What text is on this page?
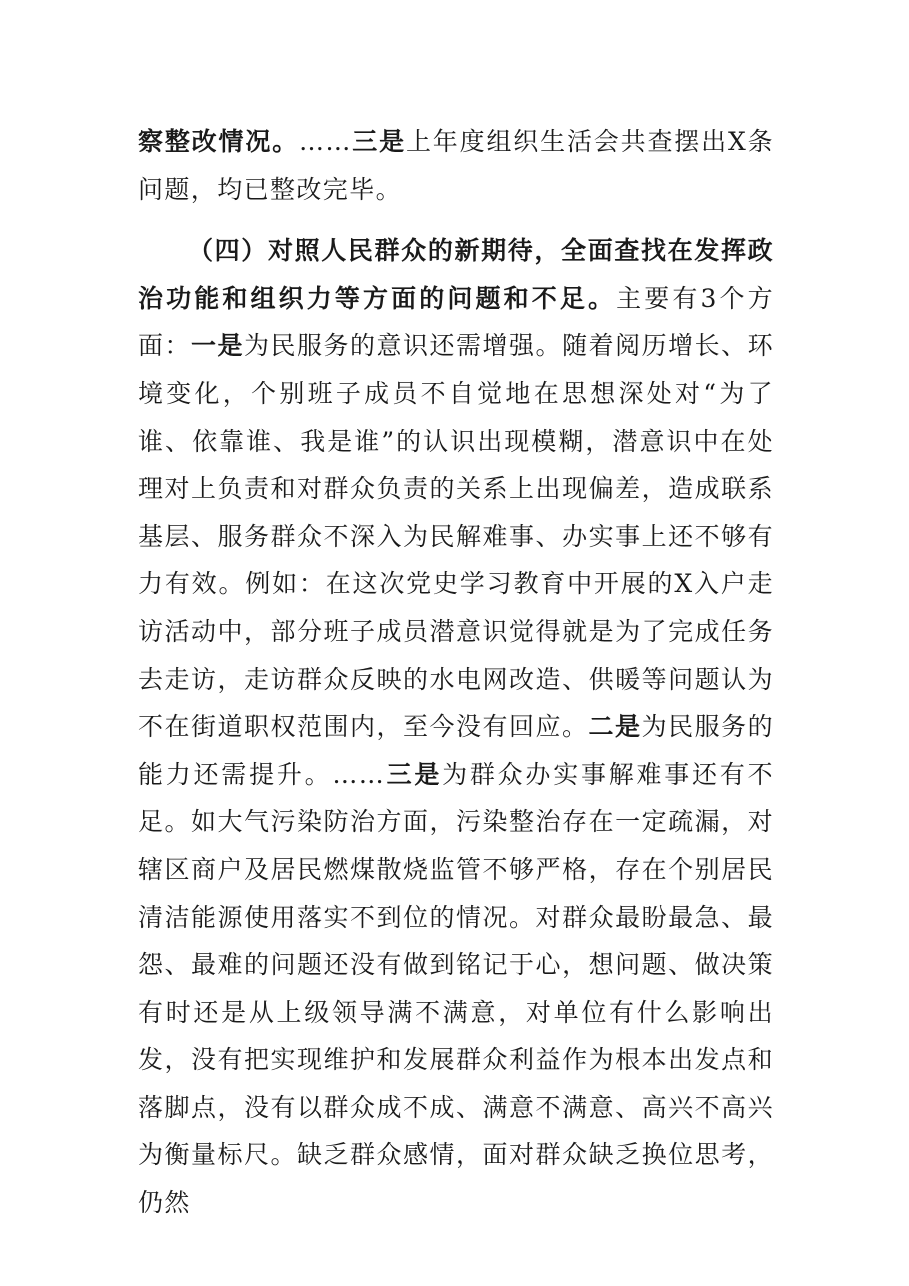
察整改情况。……三是上年度组织生活会共查摆出X条问题，均已整改完毕。

（四）对照人民群众的新期待，全面查找在发挥政治功能和组织力等方面的问题和不足。主要有3个方面：一是为民服务的意识还需增强。随着阅历增长、环境变化，个别班子成员不自觉地在思想深处对“为了谁、依靠谁、我是谁”的认识出现模糊，潜意识中在处理对上负责和对群众负责的关系上出现偏差，造成联系基层、服务群众不深入为民解难事、办实事上还不够有力有效。例如：在这次党史学习教育中开展的X入户走访活动中，部分班子成员潜意识觉得就是为了完成任务去走访，走访群众反映的水电网改造、供暖等问题认为不在街道职权范围内，至今没有回应。二是为民服务的能力还需提升。……三是为群众办实事解难事还有不足。如大气污染防治方面，污染整治存在一定疏漏，对辖区商户及居民燃煤散烧监管不够严格，存在个别居民清洁能源使用落实不到位的情况。对群众最盼最急、最怨、最难的问题还没有做到铭记于心，想问题、做决策有时还是从上级领导满不满意，对单位有什么影响出发，没有把实现维护和发展群众利益作为根本出发点和落脚点，没有以群众成不成、满意不满意、高兴不高兴为衡量标尺。缺乏群众感情，面对群众缺乏换位思考，仍然
